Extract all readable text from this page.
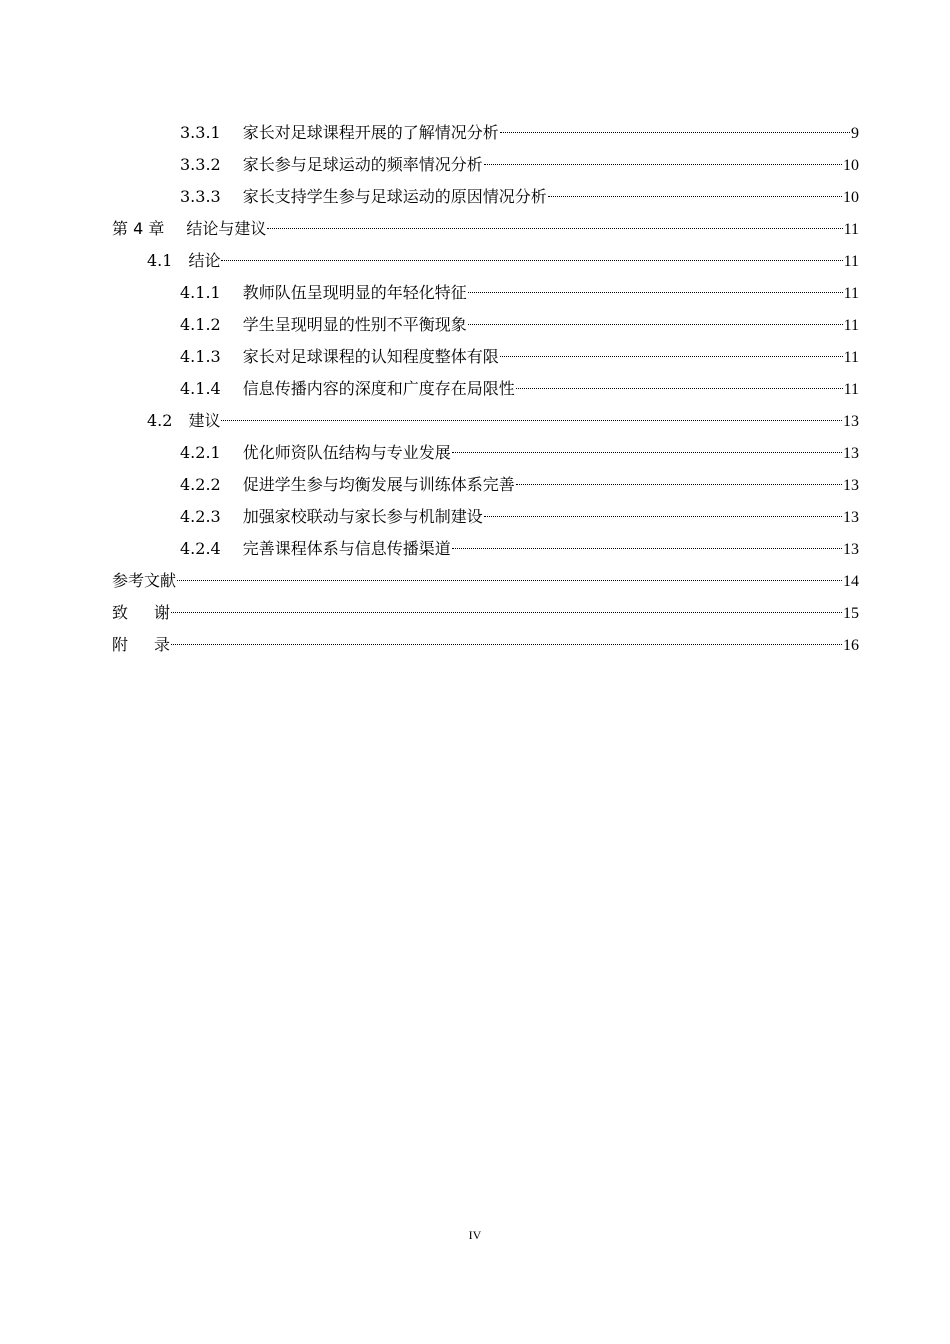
3.3.1 家长对足球课程开展的了解情况分析	9
3.3.2 家长参与足球运动的频率情况分析	10
3.3.3 家长支持学生参与足球运动的原因情况分析	10
第 4 章 结论与建议	11
4.1 结论	11
4.1.1 教师队伍呈现明显的年轻化特征	11
4.1.2 学生呈现明显的性别不平衡现象	11
4.1.3 家长对足球课程的认知程度整体有限	11
4.1.4 信息传播内容的深度和广度存在局限性	11
4.2 建议	13
4.2.1 优化师资队伍结构与专业发展	13
4.2.2 促进学生参与均衡发展与训练体系完善	13
4.2.3 加强家校联动与家长参与机制建设	13
4.2.4 完善课程体系与信息传播渠道	13
参考文献	14
致谢	15
附录	16
IV
